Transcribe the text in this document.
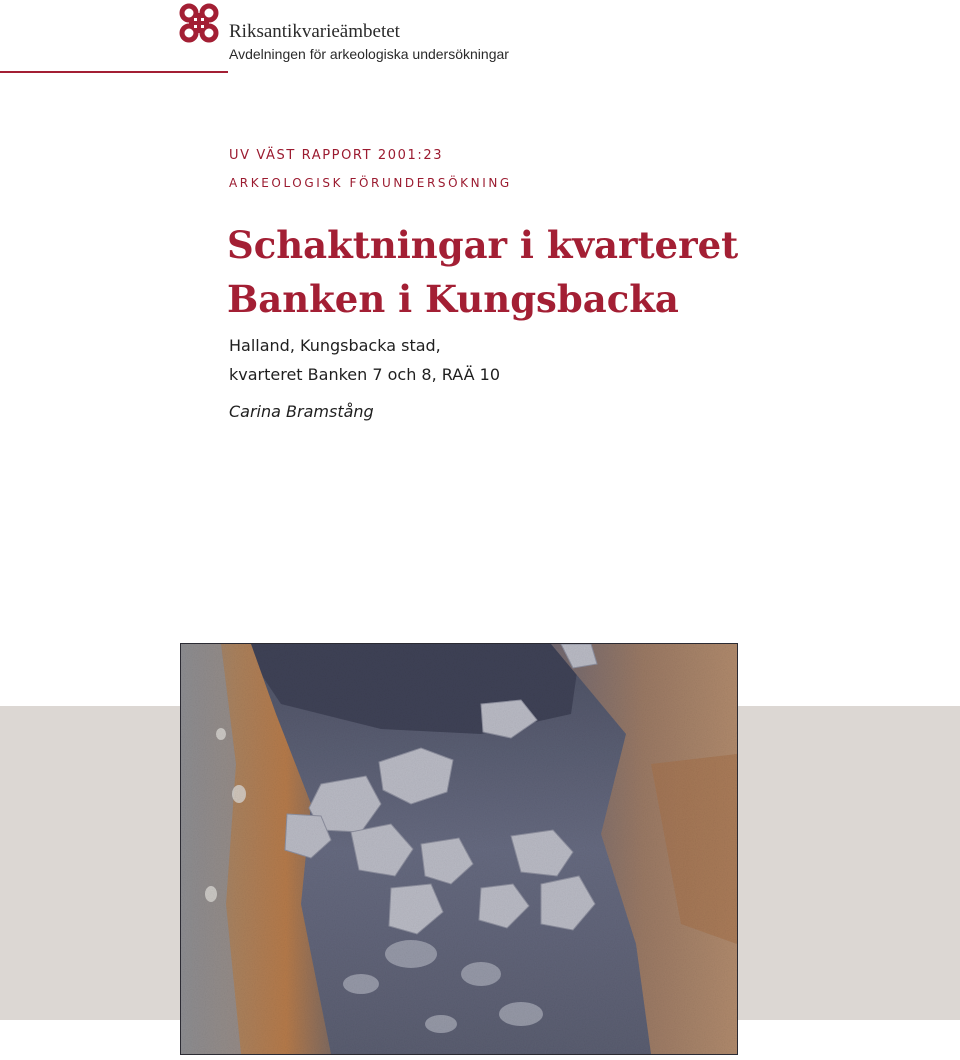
Riksantikvarieämbetet
Avdelningen för arkeologiska undersökningar
UV VÄST RAPPORT 2001:23
ARKEOLOGISK FÖRUNDERSÖKNING
Schaktningar i kvarteret
Banken i Kungsbacka
Halland, Kungsbacka stad,
kvarteret Banken 7 och 8, RAÄ 10
Carina Bramstång
